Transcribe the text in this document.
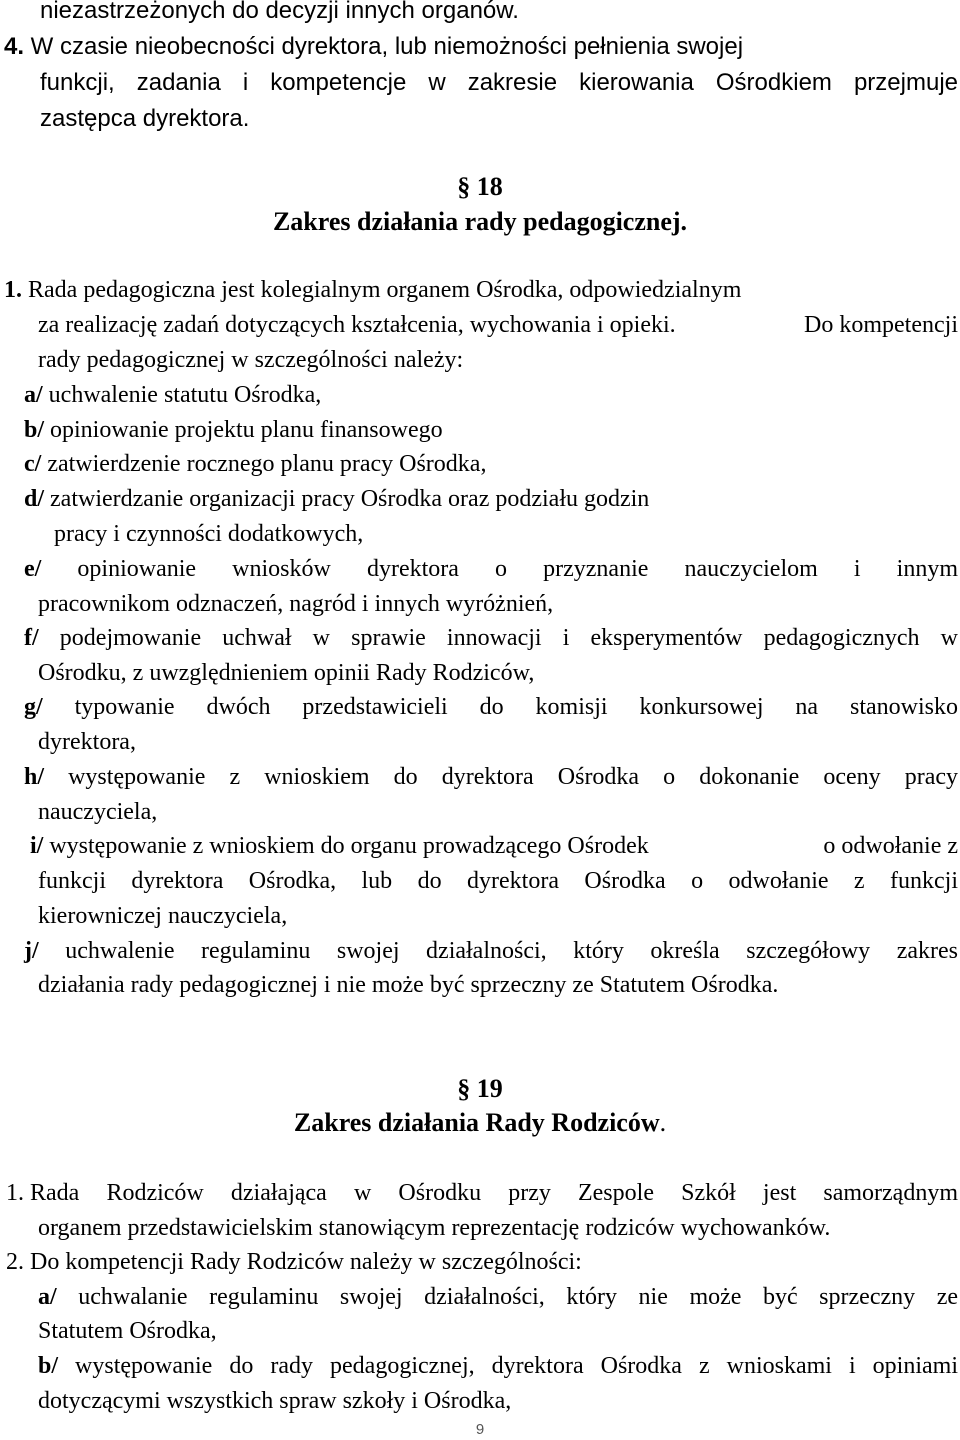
niezastrzeżonych do decyzji innych organów.
4. W czasie nieobecności dyrektora, lub niemożności pełnienia swojej
funkcji, zadania i kompetencje w zakresie kierowania Ośrodkiem przejmuje
zastępca dyrektora.
§ 18
Zakres działania rady pedagogicznej.
1. Rada pedagogiczna jest kolegialnym organem Ośrodka, odpowiedzialnym
za realizację zadań dotyczących kształcenia, wychowania i opieki.	Do kompetencji
rady pedagogicznej w szczególności należy:
a/ uchwalenie statutu Ośrodka,
b/ opiniowanie projektu planu finansowego
c/ zatwierdzenie rocznego planu pracy Ośrodka,
d/ zatwierdzanie organizacji pracy Ośrodka oraz podziału godzin
pracy i czynności dodatkowych,
e/ opiniowanie wniosków dyrektora o przyznanie nauczycielom i innym
pracownikom odznaczeń, nagród i innych wyróżnień,
f/ podejmowanie uchwał w sprawie innowacji i eksperymentów pedagogicznych w
Ośrodku, z uwzględnieniem opinii Rady Rodziców,
g/ typowanie dwóch przedstawicieli do komisji konkursowej na stanowisko
dyrektora,
h/ występowanie z wnioskiem do dyrektora Ośrodka o dokonanie oceny pracy
nauczyciela,
i/ występowanie z wnioskiem do organu prowadzącego Ośrodek	o odwołanie z
funkcji dyrektora Ośrodka, lub do dyrektora Ośrodka o odwołanie z funkcji
kierowniczej nauczyciela,
j/ uchwalenie regulaminu swojej działalności, który określa szczegółowy zakres
działania rady pedagogicznej i nie może być sprzeczny ze Statutem Ośrodka.
§ 19
Zakres działania Rady Rodziców.
1. Rada Rodziców działająca w Ośrodku przy Zespole Szkół jest samorządnym
organem przedstawicielskim stanowiącym reprezentację rodziców wychowanków.
2. Do kompetencji Rady Rodziców należy w szczególności:
a/ uchwalanie regulaminu swojej działalności, który nie może być sprzeczny ze
Statutem Ośrodka,
b/ występowanie do rady pedagogicznej, dyrektora Ośrodka z wnioskami i opiniami
dotyczącymi wszystkich spraw szkoły i Ośrodka,
9
